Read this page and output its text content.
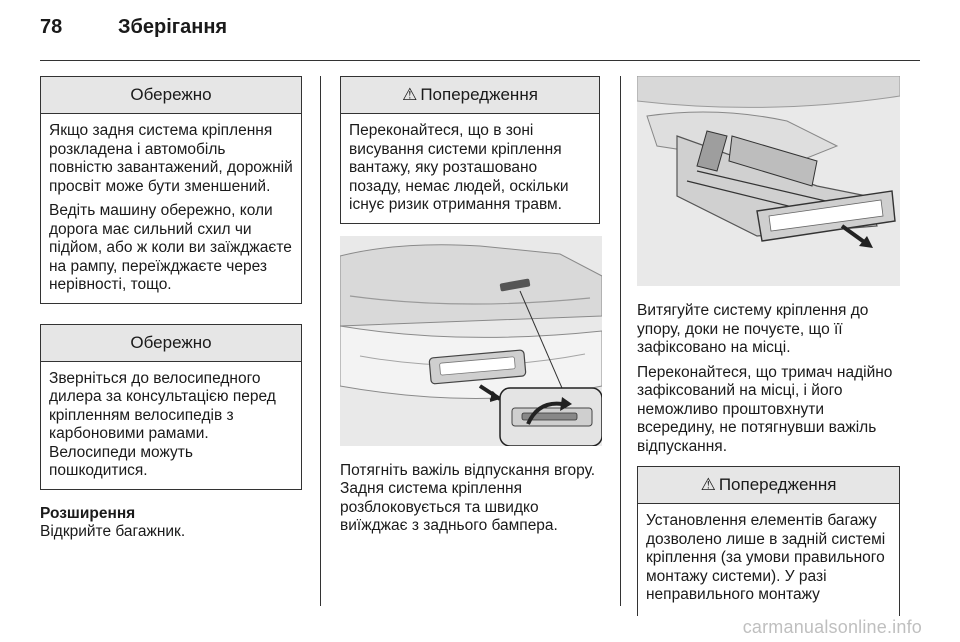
78	Зберігання
Обережно

Якщо задня система кріплення розкладена і автомобіль повністю завантажений, дорожній просвіт може бути зменшений.

Ведіть машину обережно, коли дорога має сильний схил чи підйом, або ж коли ви заїжджаєте на рампу, переїжджаєте через нерівності, тощо.

Обережно

Зверніться до велосипедного дилера за консультацією перед кріпленням велосипедів з карбоновими рамами. Велосипеди можуть пошкодитися.

Розширення
Відкрийте багажник.
⚠ Попередження

Переконайтеся, що в зоні висування системи кріплення вантажу, яку розташовано позаду, немає людей, оскільки існує ризик отримання травм.

Потягніть важіль відпускання вгору. Задня система кріплення розблоковується та швидко виїжджає з заднього бампера.

Витягуйте систему кріплення до упору, доки не почуєте, що її зафіксовано на місці.

Переконайтеся, що тримач надійно зафіксований на місці, і його неможливо проштовхнути всередину, не потягнувши важіль відпускання.

⚠ Попередження

Установлення елементів багажу дозволено лише в задній системі кріплення (за умови правильного монтажу системи). У разі неправильного монтажу

carmanualsonline.info
